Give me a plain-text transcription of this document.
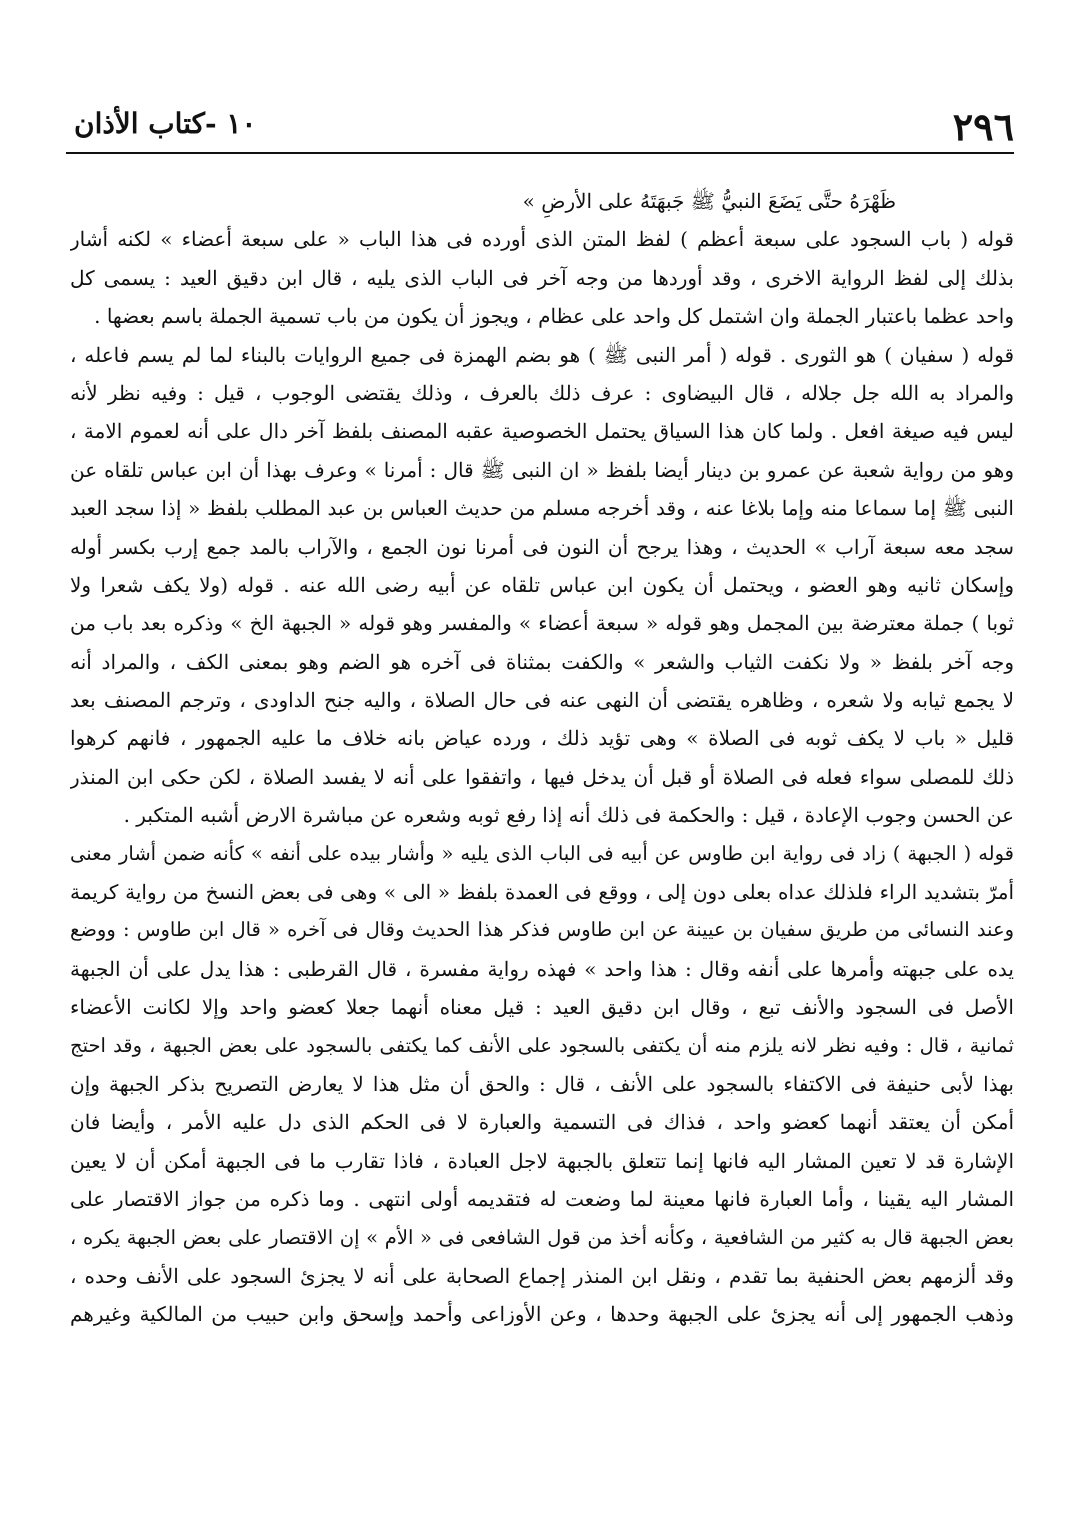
٢٩٦
١٠ -كتاب الأذان
ظَهْرَهُ حتَّى يَضَعَ النبيُّ ﷺ جَبهَتَهُ على الأرضِ »
قوله ( باب السجود على سبعة أعظم ) لفظ المتن الذى أورده فى هذا الباب « على سبعة أعضاء » لكنه أشار
بذلك إلى لفظ الرواية الاخرى ، وقد أوردها من وجه آخر فى الباب الذى يليه ، قال ابن دقيق العيد : يسمى كل
واحد عظما باعتبار الجملة وان اشتمل كل واحد على عظام ، ويجوز أن يكون من باب تسمية الجملة باسم بعضها .
قوله ( سفيان ) هو الثورى . قوله ( أمر النبى ﷺ ) هو بضم الهمزة فى جميع الروايات بالبناء لما لم يسم فاعله ،
والمراد به الله جل جلاله ، قال البيضاوى : عرف ذلك بالعرف ، وذلك يقتضى الوجوب ، قيل : وفيه نظر لأنه
ليس فيه صيغة افعل . ولما كان هذا السياق يحتمل الخصوصية عقبه المصنف بلفظ آخر دال على أنه لعموم الامة ،
وهو من رواية شعبة عن عمرو بن دينار أيضا بلفظ « ان النبى ﷺ قال : أمرنا » وعرف بهذا أن ابن عباس تلقاه عن
النبى ﷺ إما سماعا منه وإما بلاغا عنه ، وقد أخرجه مسلم من حديث العباس بن عبد المطلب بلفظ « إذا سجد العبد
سجد معه سبعة آراب » الحديث ، وهذا يرجح أن النون فى أمرنا نون الجمع ، والآراب بالمد جمع إرب بكسر أوله
وإسكان ثانيه وهو العضو ، ويحتمل أن يكون ابن عباس تلقاه عن أبيه رضى الله عنه . قوله (ولا يكف شعرا ولا
ثوبا ) جملة معترضة بين المجمل وهو قوله « سبعة أعضاء » والمفسر وهو قوله « الجبهة الخ » وذكره بعد باب من
وجه آخر بلفظ « ولا نكفت الثياب والشعر » والكفت بمثناة فى آخره هو الضم وهو بمعنى الكف ، والمراد أنه
لا يجمع ثيابه ولا شعره ، وظاهره يقتضى أن النهى عنه فى حال الصلاة ، واليه جنح الداودى ، وترجم المصنف بعد
قليل « باب لا يكف ثوبه فى الصلاة » وهى تؤيد ذلك ، ورده عياض بانه خلاف ما عليه الجمهور ، فانهم كرهوا
ذلك للمصلى سواء فعله فى الصلاة أو قبل أن يدخل فيها ، واتفقوا على أنه لا يفسد الصلاة ، لكن حكى ابن المنذر
عن الحسن وجوب الإعادة ، قيل : والحكمة فى ذلك أنه إذا رفع ثوبه وشعره عن مباشرة الارض أشبه المتكبر .
قوله ( الجبهة ) زاد فى رواية ابن طاوس عن أبيه فى الباب الذى يليه « وأشار بيده على أنفه » كأنه ضمن أشار معنى
أمرّ بتشديد الراء فلذلك عداه بعلى دون إلى ، ووقع فى العمدة بلفظ « الى » وهى فى بعض النسخ من رواية كريمة
وعند النسائى من طريق سفيان بن عيينة عن ابن طاوس فذكر هذا الحديث وقال فى آخره « قال ابن طاوس : ووضع
يده على جبهته وأمرها على أنفه وقال : هذا واحد » فهذه رواية مفسرة ، قال القرطبى : هذا يدل على أن الجبهة
الأصل فى السجود والأنف تبع ، وقال ابن دقيق العيد : قيل معناه أنهما جعلا كعضو واحد وإلا لكانت الأعضاء
ثمانية ، قال : وفيه نظر لانه يلزم منه أن يكتفى بالسجود على الأنف كما يكتفى بالسجود على بعض الجبهة ، وقد احتج
بهذا لأبى حنيفة فى الاكتفاء بالسجود على الأنف ، قال : والحق أن مثل هذا لا يعارض التصريح بذكر الجبهة وإن
أمكن أن يعتقد أنهما كعضو واحد ، فذاك فى التسمية والعبارة لا فى الحكم الذى دل عليه الأمر ، وأيضا فان
الإشارة قد لا تعين المشار اليه فانها إنما تتعلق بالجبهة لاجل العبادة ، فاذا تقارب ما فى الجبهة أمكن أن لا يعين
المشار اليه يقينا ، وأما العبارة فانها معينة لما وضعت له فتقديمه أولى انتهى . وما ذكره من جواز الاقتصار على
بعض الجبهة قال به كثير من الشافعية ، وكأنه أخذ من قول الشافعى فى « الأم » إن الاقتصار على بعض الجبهة يكره ،
وقد ألزمهم بعض الحنفية بما تقدم ، ونقل ابن المنذر إجماع الصحابة على أنه لا يجزئ السجود على الأنف وحده ،
وذهب الجمهور إلى أنه يجزئ على الجبهة وحدها ، وعن الأوزاعى وأحمد وإسحق وابن حبيب من المالكية وغيرهم
